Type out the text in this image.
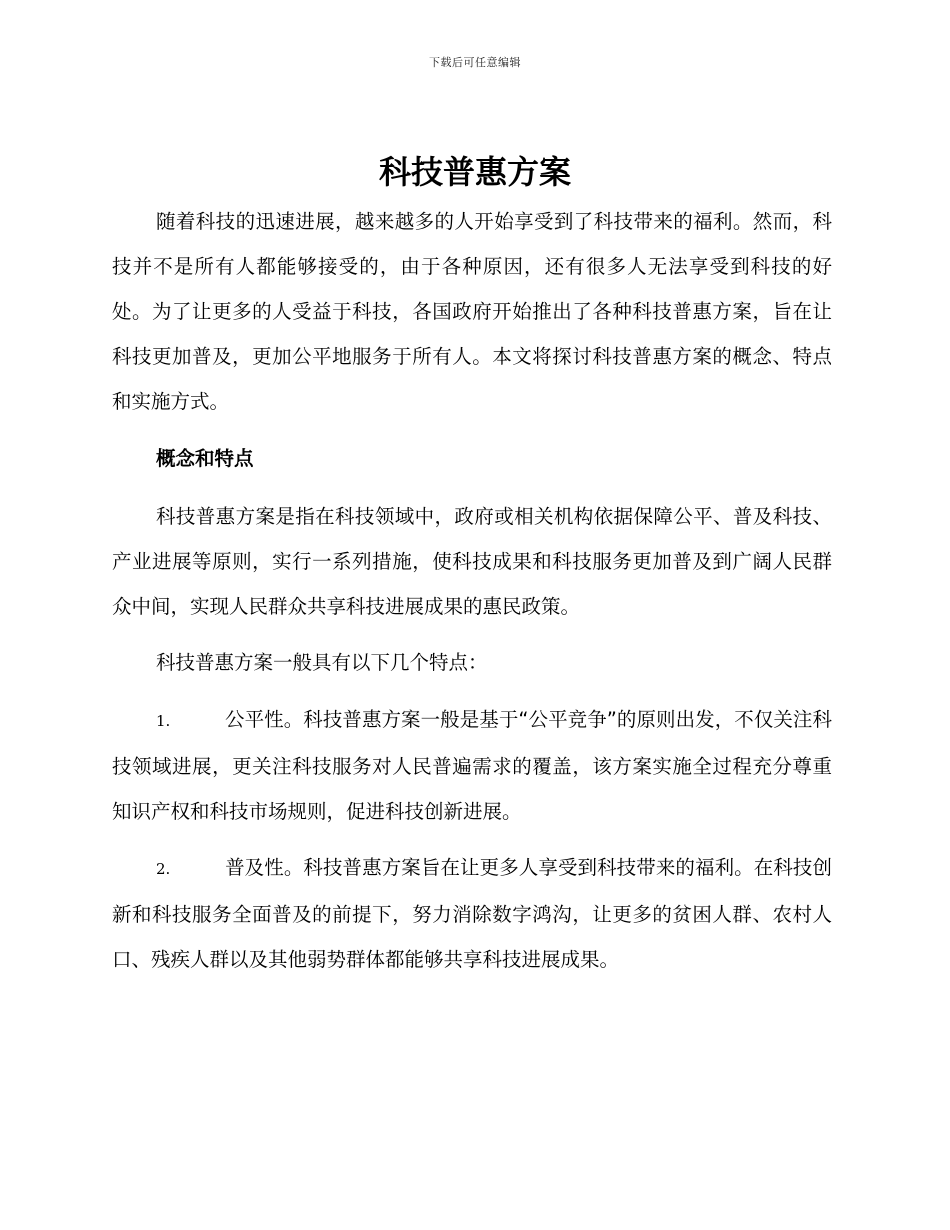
下载后可任意编辑
科技普惠方案

随着科技的迅速进展，越来越多的人开始享受到了科技带来的福利。然而，科技并不是所有人都能够接受的，由于各种原因，还有很多人无法享受到科技的好处。为了让更多的人受益于科技，各国政府开始推出了各种科技普惠方案，旨在让科技更加普及，更加公平地服务于所有人。本文将探讨科技普惠方案的概念、特点和实施方式。

概念和特点

科技普惠方案是指在科技领域中，政府或相关机构依据保障公平、普及科技、产业进展等原则，实行一系列措施，使科技成果和科技服务更加普及到广阔人民群众中间，实现人民群众共享科技进展成果的惠民政策。

科技普惠方案一般具有以下几个特点：

1.	公平性。科技普惠方案一般是基于“公平竞争”的原则出发，不仅关注科技领域进展，更关注科技服务对人民普遍需求的覆盖，该方案实施全过程充分尊重知识产权和科技市场规则，促进科技创新进展。

2.	普及性。科技普惠方案旨在让更多人享受到科技带来的福利。在科技创新和科技服务全面普及的前提下，努力消除数字鸿沟，让更多的贫困人群、农村人口、残疾人群以及其他弱势群体都能够共享科技进展成果。
